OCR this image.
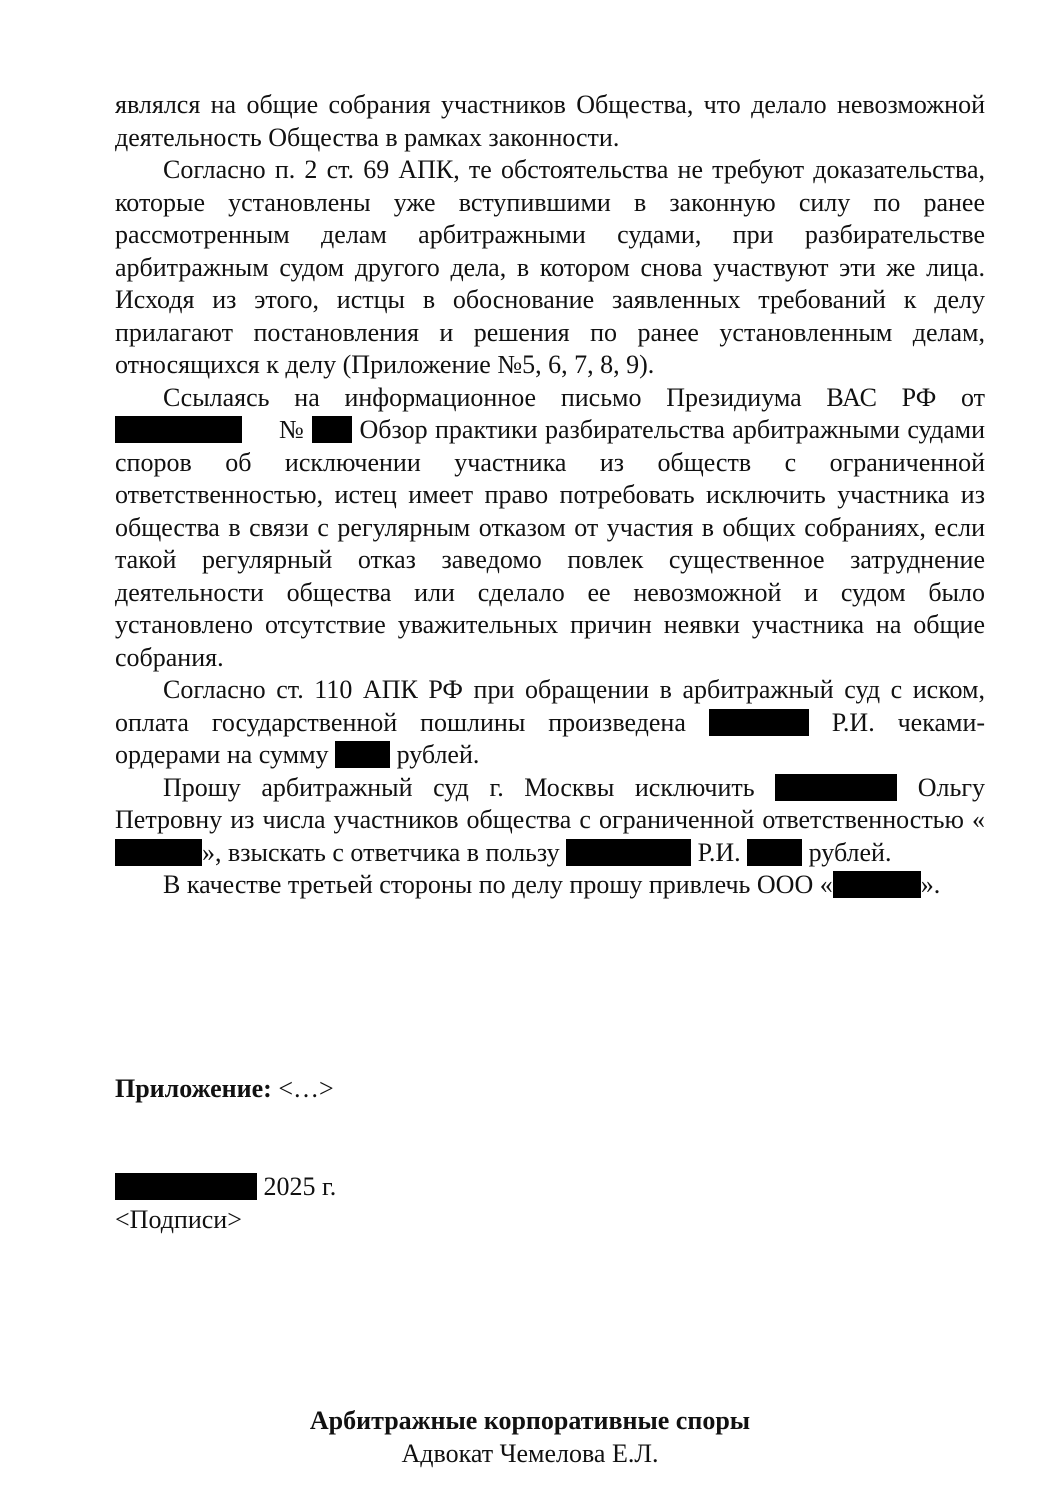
являлся на общие собрания участников Общества, что делало невозможной деятельность Общества в рамках законности.

Согласно п. 2 ст. 69 АПК, те обстоятельства не требуют доказательства, которые установлены уже вступившими в законную силу по ранее рассмотренным делам арбитражными судами, при разбирательстве арбитражным судом другого дела, в котором снова участвуют эти же лица. Исходя из этого, истцы в обоснование заявленных требований к делу прилагают постановления и решения по ранее установленным делам, относящихся к делу (Приложение №5, 6, 7, 8, 9).

Ссылаясь на информационное письмо Президиума ВАС РФ от      № Обзор практики разбирательства арбитражными судами споров об исключении участника из обществ с ограниченной ответственностью, истец имеет право потребовать исключить участника из общества в связи с регулярным отказом от участия в общих собраниях, если такой регулярный отказ заведомо повлек существенное затруднение деятельности общества или сделало ее невозможной и судом было установлено отсутствие уважительных причин неявки участника на общие собрания.

Согласно ст. 110 АПК РФ при обращении в арбитражный суд с иском, оплата государственной пошлины произведена	Р.И. чеками-ордерами на сумму	рублей.

Прошу арбитражный суд г. Москвы исключить	Ольгу Петровну из числа участников общества с ограниченной ответственностью «», взыскать с ответчика в пользу	Р.И.	рублей.

В качестве третьей стороны по делу прошу привлечь ООО «	».

Приложение: <…>
2025 г.
<Подписи>
Арбитражные корпоративные споры
Адвокат Чемелова Е.Л.
